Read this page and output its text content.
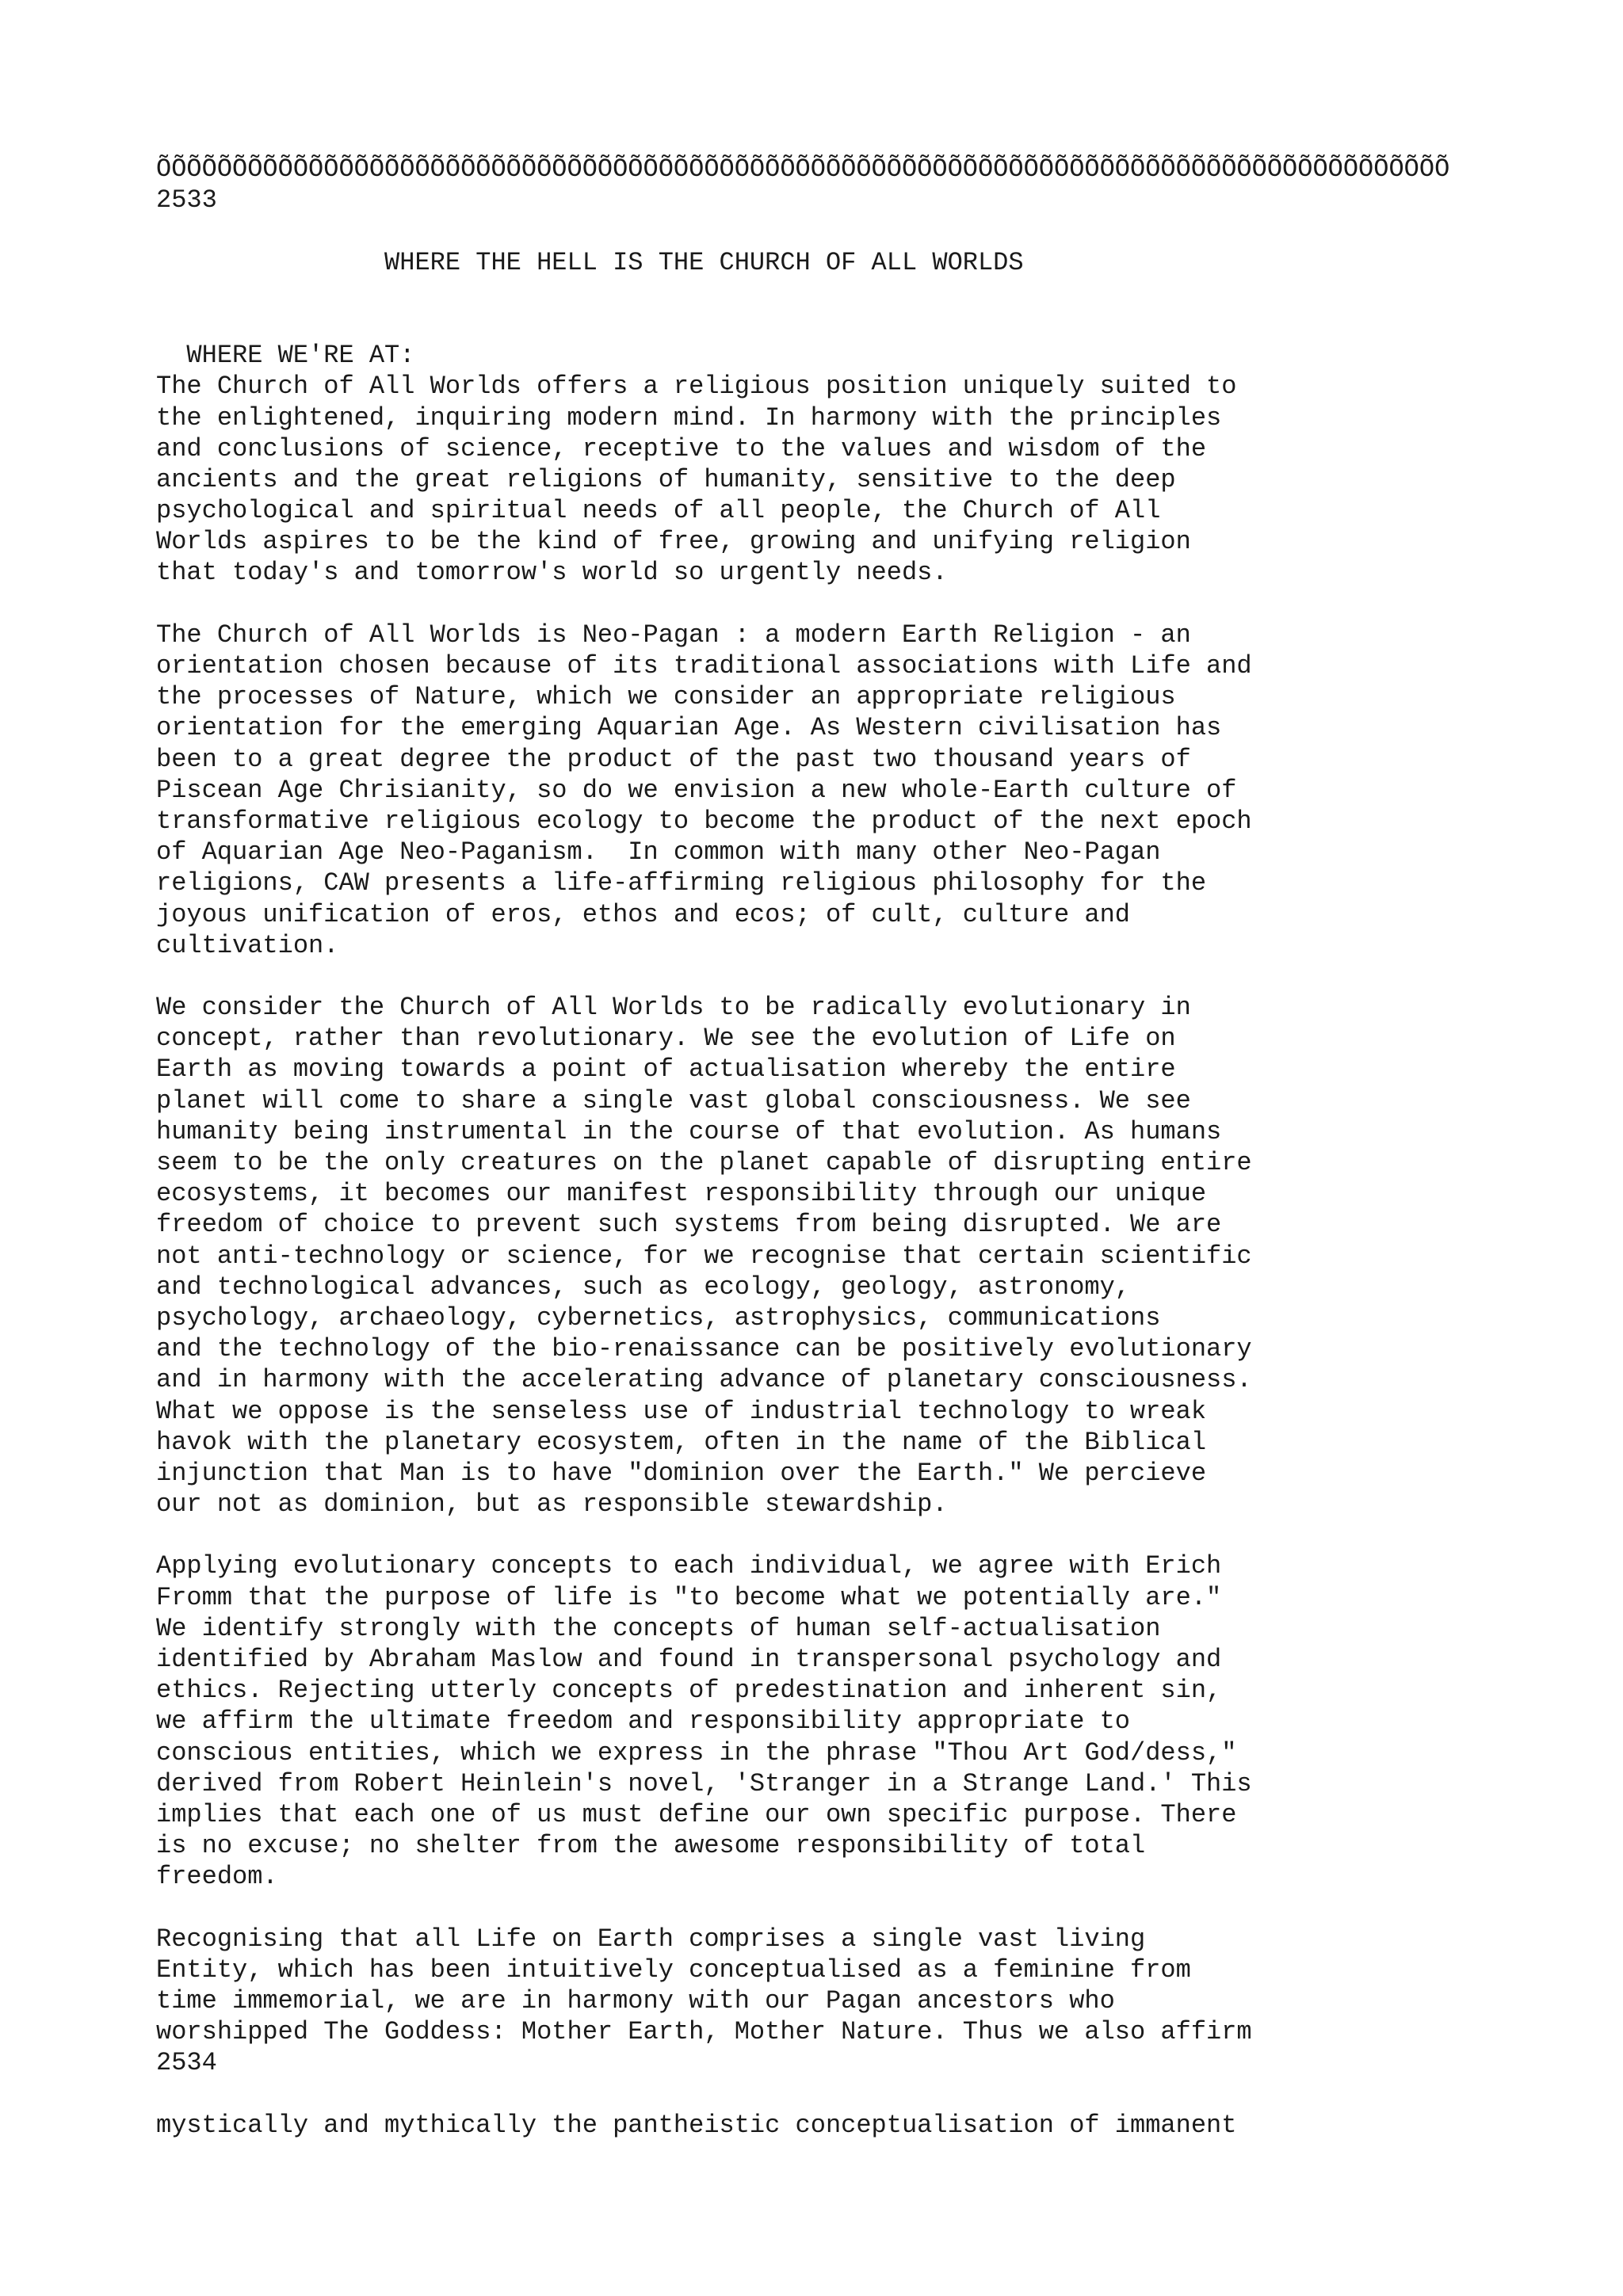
ÕÕÕÕÕÕÕÕÕÕÕÕÕÕÕÕÕÕÕÕÕÕÕÕÕÕÕÕÕÕÕÕÕÕÕÕÕÕÕÕÕÕÕÕÕÕÕÕÕÕÕÕÕÕÕÕÕÕÕÕÕÕÕÕÕÕÕÕÕÕÕÕÕÕÕÕÕÕÕÕÕÕÕÕÕ
2533
WHERE THE HELL IS THE CHURCH OF ALL WORLDS
WHERE WE'RE AT:
The Church of All Worlds offers a religious position uniquely suited to
the enlightened, inquiring modern mind. In harmony with the principles
and conclusions of science, receptive to the values and wisdom of the
ancients and the great religions of humanity, sensitive to the deep
psychological and spiritual needs of all people, the Church of All
Worlds aspires to be the kind of free, growing and unifying religion
that today's and tomorrow's world so urgently needs.
The Church of All Worlds is Neo-Pagan : a modern Earth Religion - an
orientation chosen because of its traditional associations with Life and
the processes of Nature, which we consider an appropriate religious
orientation for the emerging Aquarian Age. As Western civilisation has
been to a great degree the product of the past two thousand years of
Piscean Age Chrisianity, so do we envision a new whole-Earth culture of
transformative religious ecology to become the product of the next epoch
of Aquarian Age Neo-Paganism.  In common with many other Neo-Pagan
religions, CAW presents a life-affirming religious philosophy for the
joyous unification of eros, ethos and ecos; of cult, culture and
cultivation.
We consider the Church of All Worlds to be radically evolutionary in
concept, rather than revolutionary. We see the evolution of Life on
Earth as moving towards a point of actualisation whereby the entire
planet will come to share a single vast global consciousness. We see
humanity being instrumental in the course of that evolution. As humans
seem to be the only creatures on the planet capable of disrupting entire
ecosystems, it becomes our manifest responsibility through our unique
freedom of choice to prevent such systems from being disrupted. We are
not anti-technology or science, for we recognise that certain scientific
and technological advances, such as ecology, geology, astronomy,
psychology, archaeology, cybernetics, astrophysics, communications
and the technology of the bio-renaissance can be positively evolutionary
and in harmony with the accelerating advance of planetary consciousness.
What we oppose is the senseless use of industrial technology to wreak
havok with the planetary ecosystem, often in the name of the Biblical
injunction that Man is to have "dominion over the Earth." We percieve
our not as dominion, but as responsible stewardship.
Applying evolutionary concepts to each individual, we agree with Erich
Fromm that the purpose of life is "to become what we potentially are."
We identify strongly with the concepts of human self-actualisation
identified by Abraham Maslow and found in transpersonal psychology and
ethics. Rejecting utterly concepts of predestination and inherent sin,
we affirm the ultimate freedom and responsibility appropriate to
conscious entities, which we express in the phrase "Thou Art God/dess,"
derived from Robert Heinlein's novel, 'Stranger in a Strange Land.' This
implies that each one of us must define our own specific purpose. There
is no excuse; no shelter from the awesome responsibility of total
freedom.
Recognising that all Life on Earth comprises a single vast living
Entity, which has been intuitively conceptualised as a feminine from
time immemorial, we are in harmony with our Pagan ancestors who
worshipped The Goddess: Mother Earth, Mother Nature. Thus we also affirm
2534
mystically and mythically the pantheistic conceptualisation of immanent
